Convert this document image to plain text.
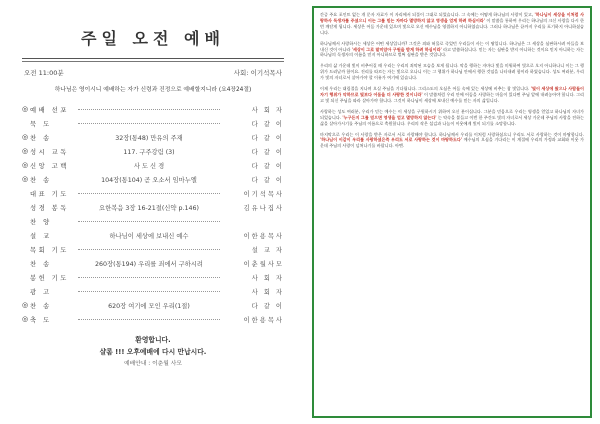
주일 오전 예배
오전 11:00분	사회: 이기석목사
하나님은 영이시니 예배하는 자가 신령과 진정으로 예배할지니라 (요4장24절)
◎ 예배 선포	사 회 자
묵 도	다 같 이
◎ 찬 송	32장(통48) 만유의 주재	다 같 이
◎ 성시 교독	117. 구주강림 (3)	다 같 이
◎ 신앙 고백	사 도 신 경	다 같 이
◎ 찬 송	104장(통104) 곧 오소서 임마누엘	다 같 이
대표 기도	이기석목사
성경 봉독	요한복음 3장 16-21절(신약 p.146)	김유나집사
찬 양
설 교	하나님이 세상에 보내신 예수	이한용목사
목회 기도	설 교 자
찬 송	260장(통194) 우리를 죄에서 구하시려	이춘월사모
봉헌 기도	사 회 자
광 고	사 회 자
◎ 찬 송	620장 여기에 모인 우리(1절)	다 같 이
◎ 축 도	이한용목사
환영합니다.
샬롬 !!! 오후예배에 다시 만납시다.
예배안내 : 이춘월 사모

간증 주요 포인트 없는 개 문자 자료가 이 자리에서 되풀이 그대로 되었습니다. 그 속에는 어떻게 하나님의 사랑이 있고, '하나님이 세상을 이처럼 사랑하사 독생자를 주셨으니 이는 그를 믿는 자마다 멸망하지 않고 영생을 얻게 하려 하심이라' 이 말씀을 통하여 우리는 하나님의 크신 사랑을 다시 한번 깨닫게 됩니다. 세상은 어둠 가운데 있으며 빛으로 오신 예수님을 영접하지 아니하였습니다. 그러나 하나님은 끝까지 우리를 포기하지 아니하셨습니다.

하나님께서 사랑하시는 세상은 어떤 세상입니까? 그것은 죄와 허물로 죽었던 우리들이 사는 이 땅입니다. 하나님은 그 세상을 심판하시려 아들을 보내신 것이 아니라 '세상이 그로 말미암아 구원을 받게 하려 하심이라' 라고 말씀하십니다. 믿는 자는 심판을 받지 아니하는 것이요 믿지 아니하는 자는 하나님의 독생자의 이름을 믿지 아니하므로 벌써 심판을 받은 것입니다.

우리의 삶 가운데 빛이 비추어질 때 우리는 우리의 죄악된 모습을 보게 됩니다. 악을 행하는 자마다 빛을 미워하여 빛으로 오지 아니하나니 이는 그 행위가 드러날까 함이요. 진리를 따르는 자는 빛으로 오나니 이는 그 행위가 하나님 안에서 행한 것임을 나타내려 함이라 하였습니다. 성도 여러분, 우리가 빛의 자녀로서 살아가야 할 이유가 여기에 있습니다.

이제 우리는 대림절을 지나며 오실 주님을 기다립니다. 그리스도의 오심은 어둠 속에 있는 세상에 비추는 참 빛입니다. '빛이 세상에 왔으나 사람들이 자기 행위가 악하므로 빛보다 어둠을 더 사랑한 것이니라' 이 말씀처럼 우리 안에 어둠을 사랑하는 마음이 있다면 주님 앞에 내려놓아야 합니다. 그리고 빛 되신 주님을 따라 살아가야 합니다. 그것이 하나님이 세상에 보내신 예수를 믿는 자의 삶입니다.

사랑하는 성도 여러분, 우리가 믿는 예수는 이 세상을 구원하시기 위하여 오신 분이십니다. 그분을 믿음으로 우리는 영생을 얻었고 하나님의 자녀가 되었습니다. '누구든지 그를 믿으면 영생을 얻고 멸망하지 않는다' 는 약속을 붙들고 이번 한 주간도 빛의 자녀로서 세상 가운데 주님의 사랑을 전하는 삶을 살아가시기를 주님의 이름으로 축원합니다. 우리의 작은 섬김과 나눔이 이웃에게 빛이 되기를 소망합니다.

마지막으로 우리는 이 사랑을 받은 자로서 서로 사랑해야 합니다. 하나님께서 우리를 이처럼 사랑하셨으니 우리도 서로 사랑하는 것이 마땅합니다. '하나님이 이같이 우리를 사랑하셨은즉 우리도 서로 사랑하는 것이 마땅하도다' 예수님의 오심을 기다리는 이 계절에 우리의 가정과 교회와 이웃 가운데 주님의 사랑이 넘쳐나기를 바랍니다. 아멘.
